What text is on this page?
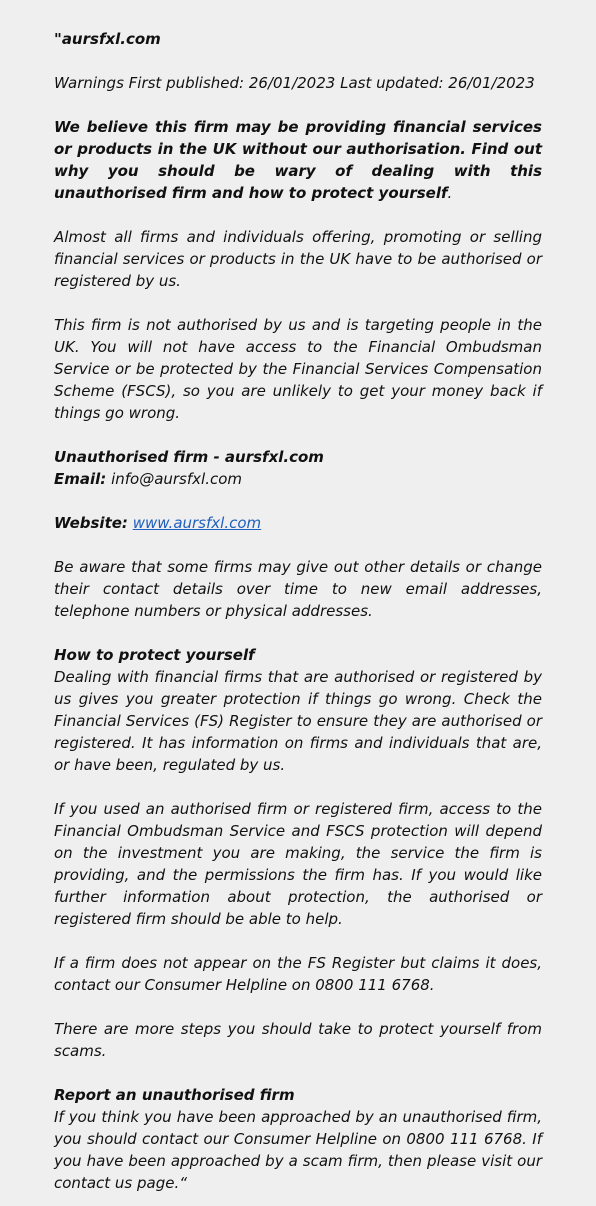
"aursfxl.com

Warnings First published: 26/01/2023 Last updated: 26/01/2023

We believe this firm may be providing financial services or products in the UK without our authorisation. Find out why you should be wary of dealing with this unauthorised firm and how to protect yourself.

Almost all firms and individuals offering, promoting or selling financial services or products in the UK have to be authorised or registered by us.

This firm is not authorised by us and is targeting people in the UK. You will not have access to the Financial Ombudsman Service or be protected by the Financial Services Compensation Scheme (FSCS), so you are unlikely to get your money back if things go wrong.

Unauthorised firm - aursfxl.com
Email: info@aursfxl.com

Website: www.aursfxl.com

Be aware that some firms may give out other details or change their contact details over time to new email addresses, telephone numbers or physical addresses.

How to protect yourself
Dealing with financial firms that are authorised or registered by us gives you greater protection if things go wrong. Check the Financial Services (FS) Register to ensure they are authorised or registered. It has information on firms and individuals that are, or have been, regulated by us.

If you used an authorised firm or registered firm, access to the Financial Ombudsman Service and FSCS protection will depend on the investment you are making, the service the firm is providing, and the permissions the firm has. If you would like further information about protection, the authorised or registered firm should be able to help.

If a firm does not appear on the FS Register but claims it does, contact our Consumer Helpline on 0800 111 6768.

There are more steps you should take to protect yourself from scams.

Report an unauthorised firm
If you think you have been approached by an unauthorised firm, you should contact our Consumer Helpline on 0800 111 6768. If you have been approached by a scam firm, then please visit our contact us page.“
